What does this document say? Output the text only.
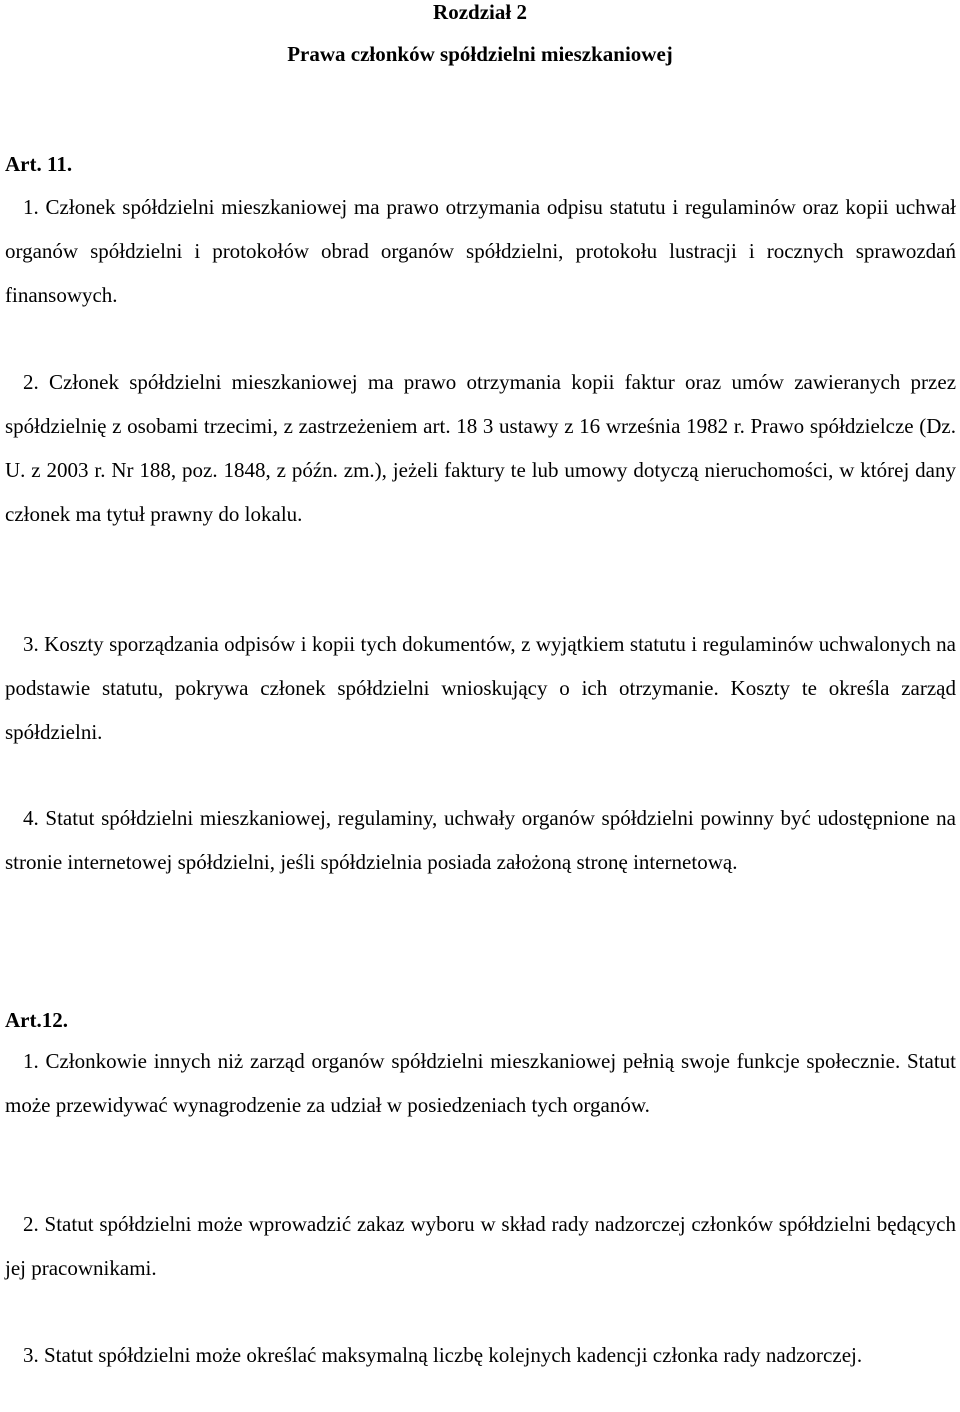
Rozdział 2

Prawa członków spółdzielni mieszkaniowej

Art. 11.

1. Członek spółdzielni mieszkaniowej ma prawo otrzymania odpisu statutu i regulaminów oraz kopii uchwał organów spółdzielni i protokołów obrad organów spółdzielni, protokołu lustracji i rocznych sprawozdań finansowych.

2. Członek spółdzielni mieszkaniowej ma prawo otrzymania kopii faktur oraz umów zawieranych przez spółdzielnię z osobami trzecimi, z zastrzeżeniem art. 18 3 ustawy z 16 września 1982 r. Prawo spółdzielcze (Dz. U. z 2003 r. Nr 188, poz. 1848, z późn. zm.), jeżeli faktury te lub umowy dotyczą nieruchomości, w której dany członek ma tytuł prawny do lokalu.

3. Koszty sporządzania odpisów i kopii tych dokumentów, z wyjątkiem statutu i regulaminów uchwalonych na podstawie statutu, pokrywa członek spółdzielni wnioskujący o ich otrzymanie. Koszty te określa zarząd spółdzielni.

4. Statut spółdzielni mieszkaniowej, regulaminy, uchwały organów spółdzielni powinny być udostępnione na stronie internetowej spółdzielni, jeśli spółdzielnia posiada założoną stronę internetową.

Art.12.

1. Członkowie innych niż zarząd organów spółdzielni mieszkaniowej pełnią swoje funkcje społecznie. Statut może przewidywać wynagrodzenie za udział w posiedzeniach tych organów.

2. Statut spółdzielni może wprowadzić zakaz wyboru w skład rady nadzorczej członków spółdzielni będących jej pracownikami.

3. Statut spółdzielni może określać maksymalną liczbę kolejnych kadencji członka rady nadzorczej.
